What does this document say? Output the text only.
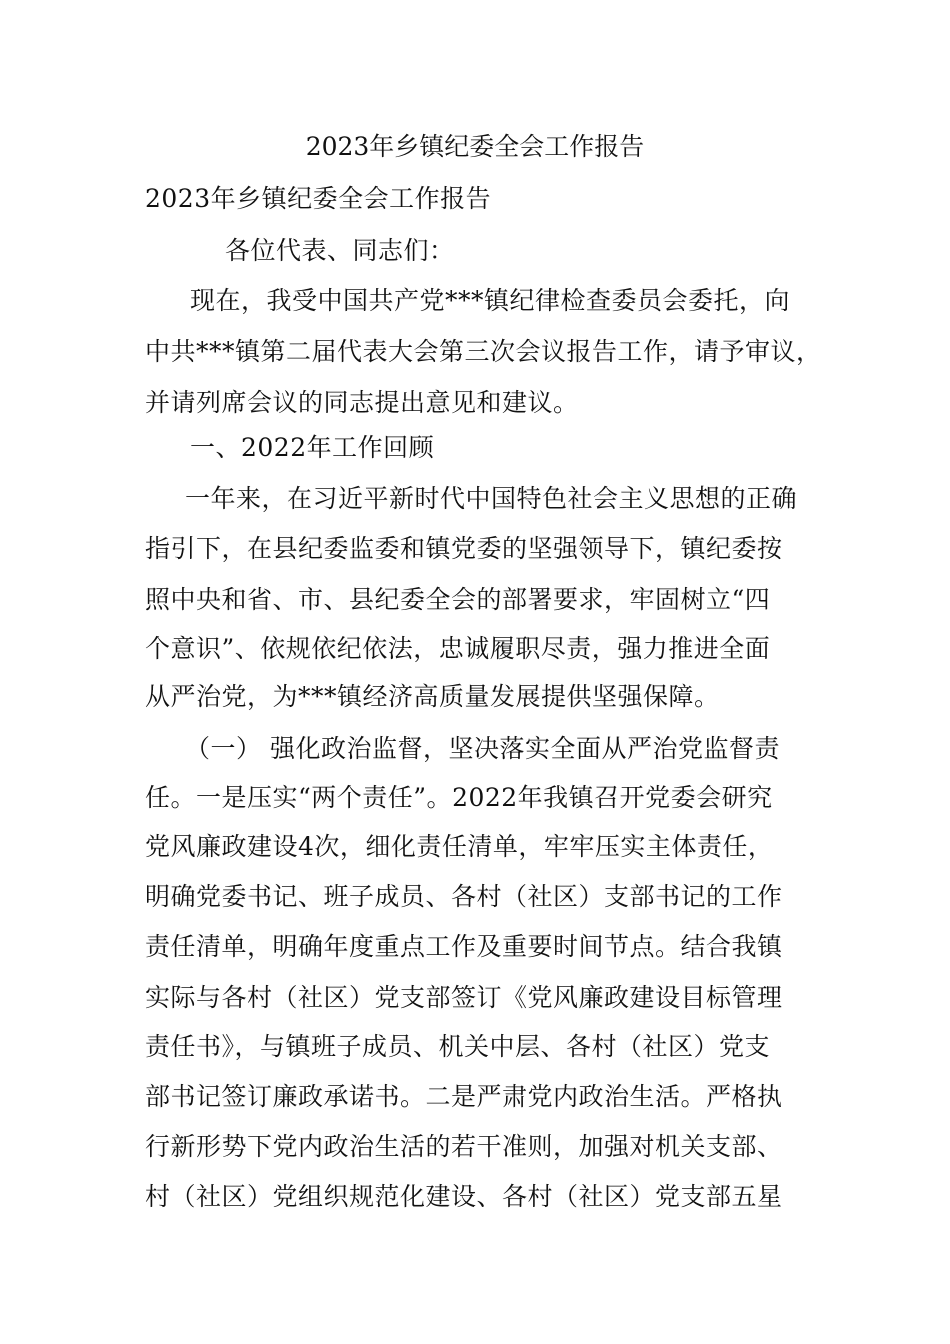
2023年乡镇纪委全会工作报告
2023年乡镇纪委全会工作报告
各位代表、同志们：
现在，我受中国共产党***镇纪律检查委员会委托，向
中共***镇第二届代表大会第三次会议报告工作，请予审议，
并请列席会议的同志提出意见和建议。
一、2022年工作回顾
一年来，在习近平新时代中国特色社会主义思想的正确
指引下，在县纪委监委和镇党委的坚强领导下，镇纪委按
照中央和省、市、县纪委全会的部署要求，牢固树立“四
个意识”、依规依纪依法，忠诚履职尽责，强力推进全面
从严治党，为***镇经济高质量发展提供坚强保障。
（一） 强化政治监督，坚决落实全面从严治党监督责
任。一是压实“两个责任”。2022年我镇召开党委会研究
党风廉政建设4次，细化责任清单，牢牢压实主体责任，
明确党委书记、班子成员、各村（社区）支部书记的工作
责任清单，明确年度重点工作及重要时间节点。结合我镇
实际与各村（社区）党支部签订《党风廉政建设目标管理
责任书》，与镇班子成员、机关中层、各村（社区）党支
部书记签订廉政承诺书。二是严肃党内政治生活。严格执
行新形势下党内政治生活的若干准则，加强对机关支部、
村（社区）党组织规范化建设、各村（社区）党支部五星
